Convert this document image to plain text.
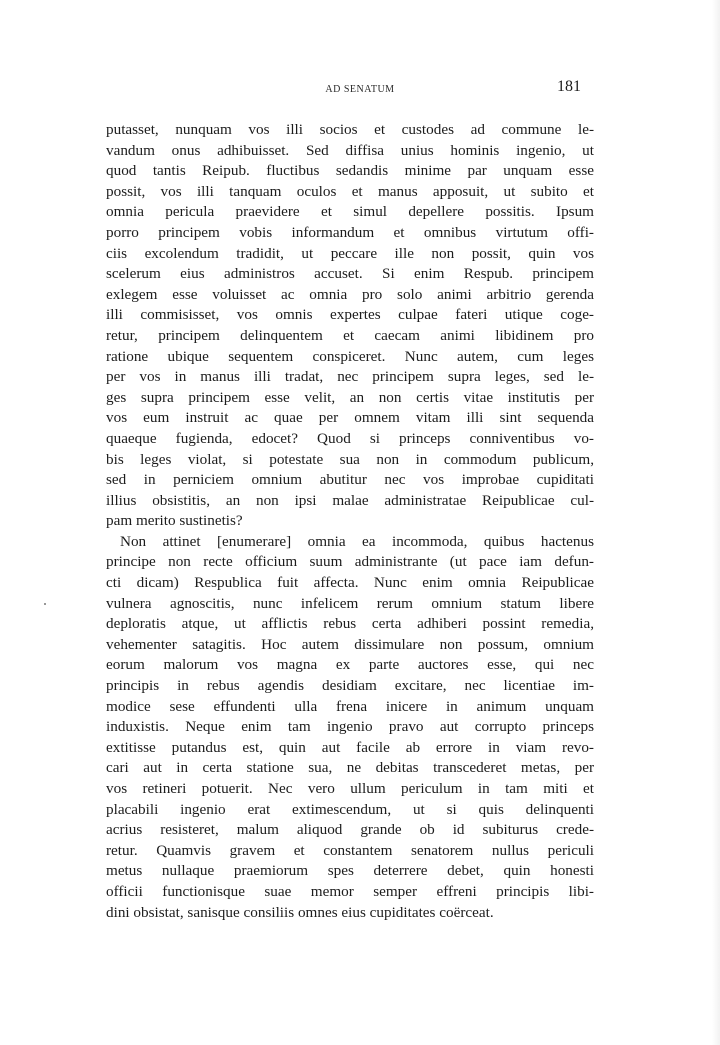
AD SENATUM	181
putasset, nunquam vos illi socios et custodes ad commune le-
vandum onus adhibuisset. Sed diffisa unius hominis ingenio, ut
quod tantis Reipub. fluctibus sedandis minime par unquam esse
possit, vos illi tanquam oculos et manus apposuit, ut subito et
omnia pericula praevidere et simul depellere possitis. Ipsum
porro principem vobis informandum et omnibus virtutum offi-
ciis excolendum tradidit, ut peccare ille non possit, quin vos
scelerum eius administros accuset. Si enim Respub. principem
exlegem esse voluisset ac omnia pro solo animi arbitrio gerenda
illi commisisset, vos omnis expertes culpae fateri utique coge-
retur, principem delinquentem et caecam animi libidinem pro
ratione ubique sequentem conspiceret. Nunc autem, cum leges
per vos in manus illi tradat, nec principem supra leges, sed le-
ges supra principem esse velit, an non certis vitae institutis per
vos eum instruit ac quae per omnem vitam illi sint sequenda
quaeque fugienda, edocet? Quod si princeps conniventibus vo-
bis leges violat, si potestate sua non in commodum publicum,
sed in perniciem omnium abutitur nec vos improbae cupiditati
illius obsistitis, an non ipsi malae administratae Reipublicae cul-
pam merito sustinetis?
Non attinet [enumerare] omnia ea incommoda, quibus hactenus
principe non recte officium suum administrante (ut pace iam defun-
cti dicam) Respublica fuit affecta. Nunc enim omnia Reipublicae
vulnera agnoscitis, nunc infelicem rerum omnium statum libere
deploratis atque, ut afflictis rebus certa adhiberi possint remedia,
vehementer satagitis. Hoc autem dissimulare non possum, omnium
eorum malorum vos magna ex parte auctores esse, qui nec
principis in rebus agendis desidiam excitare, nec licentiae im-
modice sese effundenti ulla frena inicere in animum unquam
induxistis. Neque enim tam ingenio pravo aut corrupto princeps
extitisse putandus est, quin aut facile ab errore in viam revo-
cari aut in certa statione sua, ne debitas transcederet metas, per
vos retineri potuerit. Nec vero ullum periculum in tam miti et
placabili ingenio erat extimescendum, ut si quis delinquenti
acrius resisteret, malum aliquod grande ob id subiturus crede-
retur. Quamvis gravem et constantem senatorem nullus periculi
metus nullaque praemiorum spes deterrere debet, quin honesti
officii functionisque suae memor semper effreni principis libi-
dini obsistat, sanisque consiliis omnes eius cupiditates coërceat.
